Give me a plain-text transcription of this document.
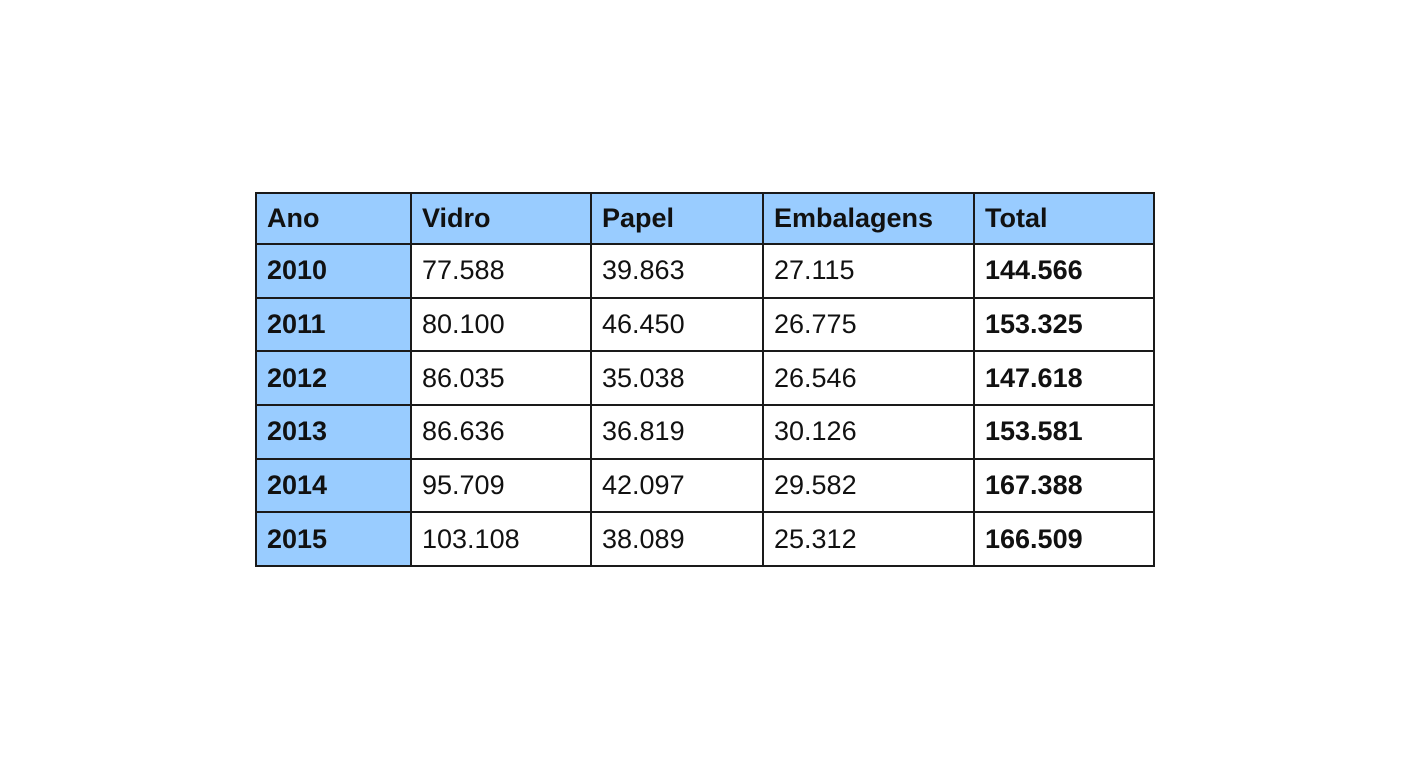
Ano	Vidro	Papel	Embalagens	Total
2010	77.588	39.863	27.115	144.566
2011	80.100	46.450	26.775	153.325
2012	86.035	35.038	26.546	147.618
2013	86.636	36.819	30.126	153.581
2014	95.709	42.097	29.582	167.388
2015	103.108	38.089	25.312	166.509
